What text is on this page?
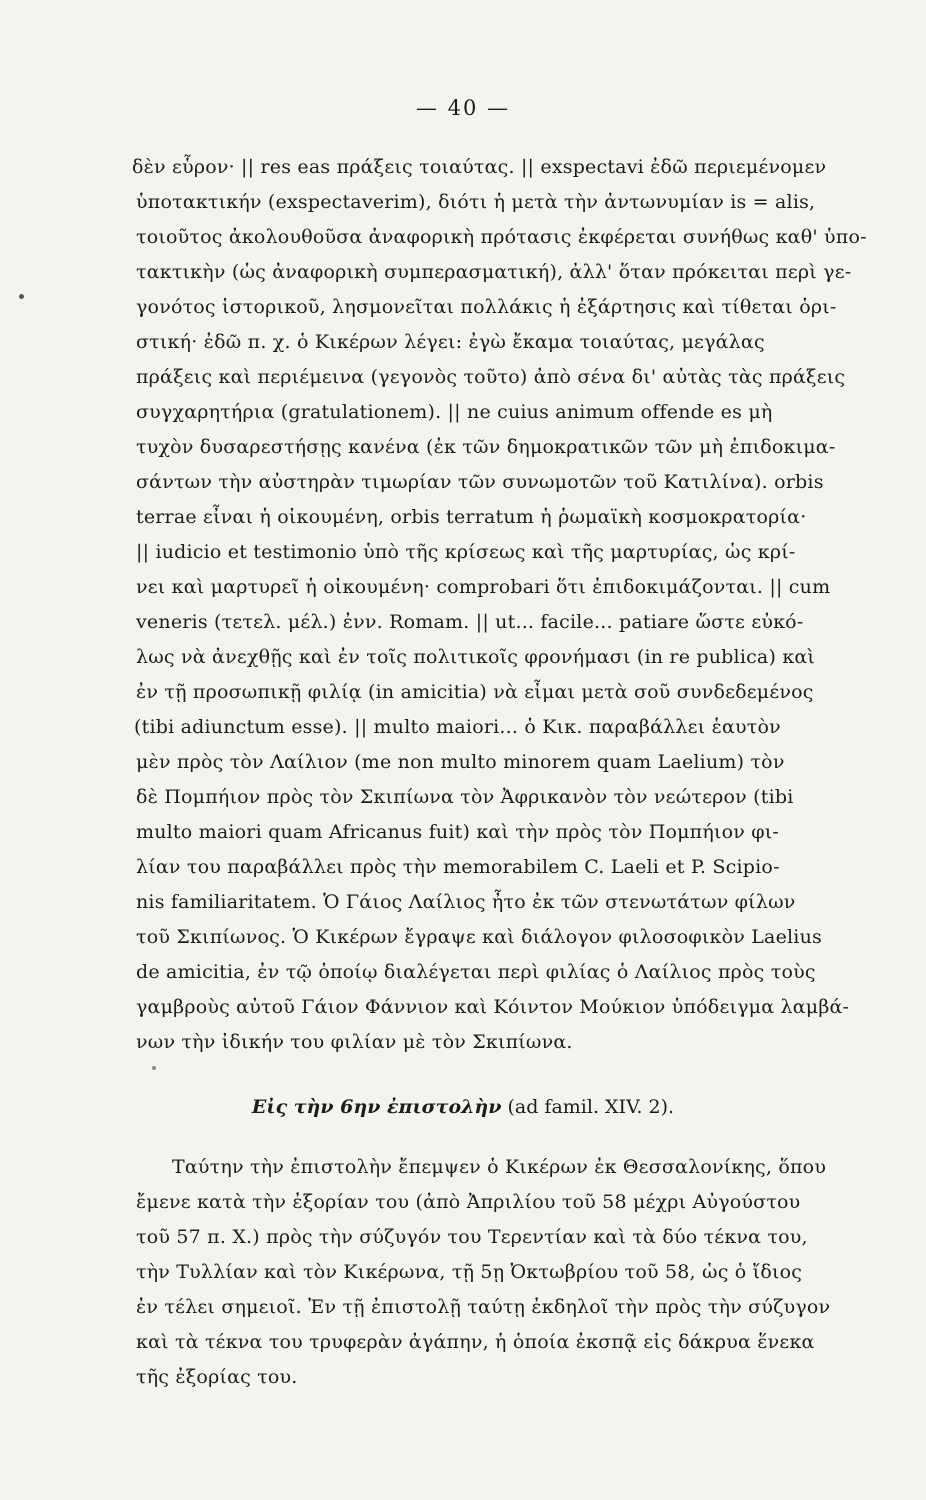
— 40 —
δὲν εὗρον· || res eas πράξεις τοιαύτας. || exspectavi ἐδῶ περιεμένομεν
ὑποτακτικήν (exspectaverim), διότι ἡ μετὰ τὴν ἀντωνυμίαν is = alis,
τοιοῦτος ἀκολουθοῦσα ἀναφορικὴ πρότασις ἐκφέρεται συνήθως καθ' ὑπο-
τακτικὴν (ὡς ἀναφορικὴ συμπερασματική), ἀλλ' ὅταν πρόκειται περὶ γε-
γονότος ἱστορικοῦ, λησμονεῖται πολλάκις ἡ ἐξάρτησις καὶ τίθεται ὁρι-
στική· ἐδῶ π. χ. ὁ Κικέρων λέγει: ἐγὼ ἔκαμα τοιαύτας, μεγάλας
πράξεις καὶ περιέμεινα (γεγονὸς τοῦτο) ἀπὸ σένα δι' αὐτὰς τὰς πράξεις
συγχαρητήρια (gratulationem). || ne cuius animum offende es μὴ
τυχὸν δυσαρεστήσῃς κανένα (ἐκ τῶν δημοκρατικῶν τῶν μὴ ἐπιδοκιμα-
σάντων τὴν αὐστηρὰν τιμωρίαν τῶν συνωμοτῶν τοῦ Κατιλίνα). orbis
terrae εἶναι ἡ οἰκουμένη, orbis terratum ἡ ῥωμαϊκὴ κοσμοκρατορία·
|| iudicio et testimonio ὑπὸ τῆς κρίσεως καὶ τῆς μαρτυρίας, ὡς κρί-
νει καὶ μαρτυρεῖ ἡ οἰκουμένη· comprobari ὅτι ἐπιδοκιμάζονται. || cum
veneris (τετελ. μέλ.) ἐνν. Romam. || ut... facile... patiare ὥστε εὐκό-
λως νὰ ἀνεχθῇς καὶ ἐν τοῖς πολιτικοῖς φρονήμασι (in re publica) καὶ
ἐν τῇ προσωπικῇ φιλίᾳ (in amicitia) νὰ εἶμαι μετὰ σοῦ συνδεδεμένος
(tibi adiunctum esse). || multo maiori... ὁ Κικ. παραβάλλει ἑαυτὸν
μὲν πρὸς τὸν Λαίλιον (me non multo minorem quam Laelium) τὸν
δὲ Πομπήιον πρὸς τὸν Σκιπίωνα τὸν Ἀφρικανὸν τὸν νεώτερον (tibi
multo maiori quam Africanus fuit) καὶ τὴν πρὸς τὸν Πομπήιον φι-
λίαν του παραβάλλει πρὸς τὴν memorabilem C. Laeli et P. Scipio-
nis familiaritatem. Ὁ Γάιος Λαίλιος ἦτο ἐκ τῶν στενωτάτων φίλων
τοῦ Σκιπίωνος. Ὁ Κικέρων ἔγραψε καὶ διάλογον φιλοσοφικὸν Laelius
de amicitia, ἐν τῷ ὁποίῳ διαλέγεται περὶ φιλίας ὁ Λαίλιος πρὸς τοὺς
γαμβροὺς αὐτοῦ Γάιον Φάννιον καὶ Κόιντον Μούκιον ὑπόδειγμα λαμβά-
νων τὴν ἰδικήν του φιλίαν μὲ τὸν Σκιπίωνα.
Εἰς τὴν 6ην ἐπιστολὴν (ad famil. XIV. 2).
Ταύτην τὴν ἐπιστολὴν ἔπεμψεν ὁ Κικέρων ἐκ Θεσσαλονίκης, ὅπου
ἔμενε κατὰ τὴν ἐξορίαν του (ἀπὸ Ἀπριλίου τοῦ 58 μέχρι Αὐγούστου
τοῦ 57 π. Χ.) πρὸς τὴν σύζυγόν του Τερεντίαν καὶ τὰ δύο τέκνα του,
τὴν Τυλλίαν καὶ τὸν Κικέρωνα, τῇ 5ῃ Ὀκτωβρίου τοῦ 58, ὡς ὁ ἴδιος
ἐν τέλει σημειοῖ. Ἐν τῇ ἐπιστολῇ ταύτῃ ἐκδηλοῖ τὴν πρὸς τὴν σύζυγον
καὶ τὰ τέκνα του τρυφερὰν ἀγάπην, ἡ ὁποία ἐκσπᾷ εἰς δάκρυα ἕνεκα
τῆς ἐξορίας του.
